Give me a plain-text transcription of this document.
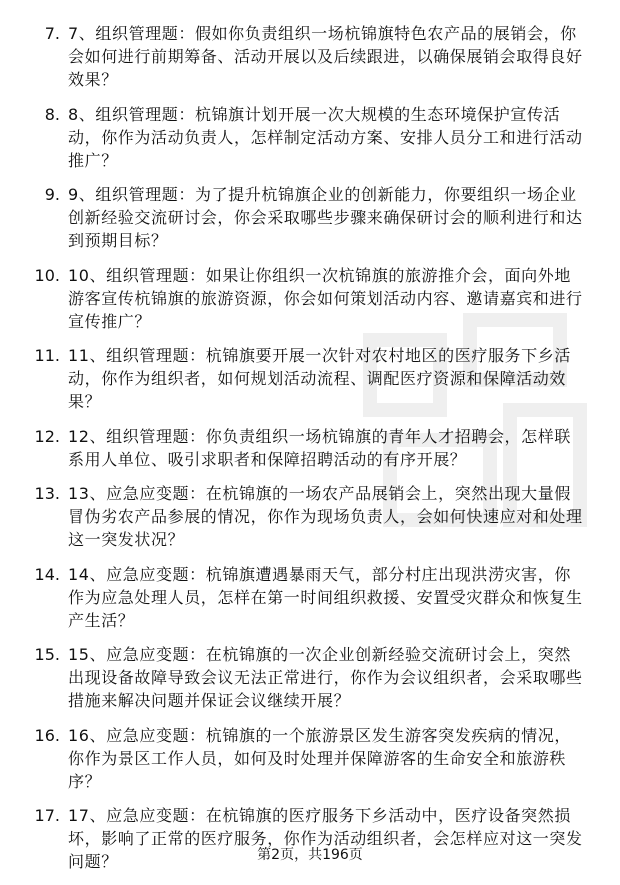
7. 7、组织管理题：假如你负责组织一场杭锦旗特色农产品的展销会，你会如何进行前期筹备、活动开展以及后续跟进，以确保展销会取得良好效果？
8. 8、组织管理题：杭锦旗计划开展一次大规模的生态环境保护宣传活动，你作为活动负责人，怎样制定活动方案、安排人员分工和进行活动推广？
9. 9、组织管理题：为了提升杭锦旗企业的创新能力，你要组织一场企业创新经验交流研讨会，你会采取哪些步骤来确保研讨会的顺利进行和达到预期目标？
10. 10、组织管理题：如果让你组织一次杭锦旗的旅游推介会，面向外地游客宣传杭锦旗的旅游资源，你会如何策划活动内容、邀请嘉宾和进行宣传推广？
11. 11、组织管理题：杭锦旗要开展一次针对农村地区的医疗服务下乡活动，你作为组织者，如何规划活动流程、调配医疗资源和保障活动效果？
12. 12、组织管理题：你负责组织一场杭锦旗的青年人才招聘会，怎样联系用人单位、吸引求职者和保障招聘活动的有序开展？
13. 13、应急应变题：在杭锦旗的一场农产品展销会上，突然出现大量假冒伪劣农产品参展的情况，你作为现场负责人，会如何快速应对和处理这一突发状况？
14. 14、应急应变题：杭锦旗遭遇暴雨天气，部分村庄出现洪涝灾害，你作为应急处理人员，怎样在第一时间组织救援、安置受灾群众和恢复生产生活？
15. 15、应急应变题：在杭锦旗的一次企业创新经验交流研讨会上，突然出现设备故障导致会议无法正常进行，你作为会议组织者，会采取哪些措施来解决问题并保证会议继续开展？
16. 16、应急应变题：杭锦旗的一个旅游景区发生游客突发疾病的情况，你作为景区工作人员，如何及时处理并保障游客的生命安全和旅游秩序？
17. 17、应急应变题：在杭锦旗的医疗服务下乡活动中，医疗设备突然损坏，影响了正常的医疗服务，你作为活动组织者，会怎样应对这一突发问题？	第2页，共196页
